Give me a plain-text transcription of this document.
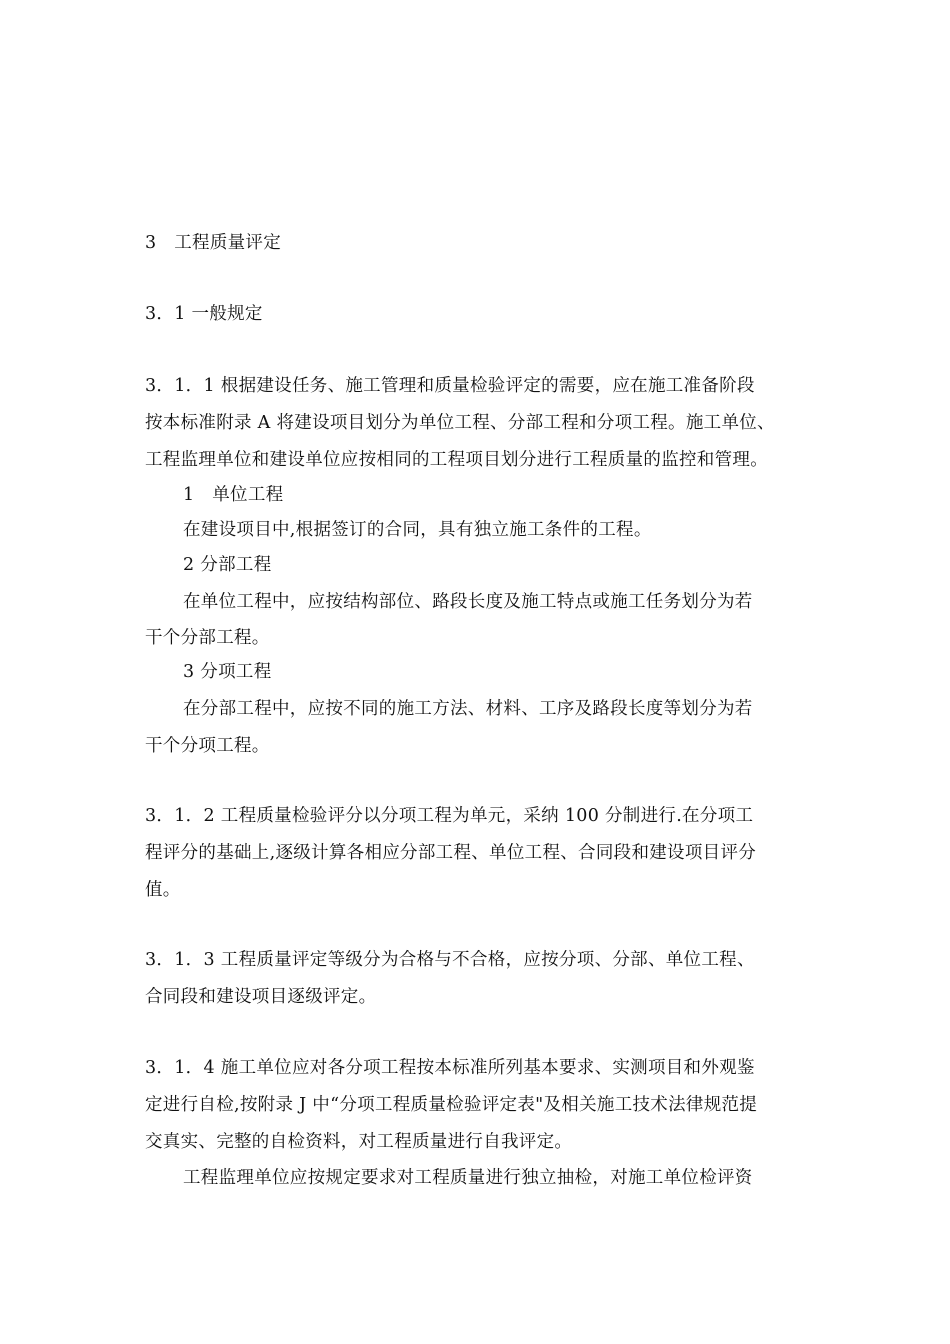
3　工程质量评定
3．1 一般规定
3．1．1 根据建设任务、施工管理和质量检验评定的需要，应在施工准备阶段
按本标准附录 A 将建设项目划分为单位工程、分部工程和分项工程。施工单位、
工程监理单位和建设单位应按相同的工程项目划分进行工程质量的监控和管理。
1　单位工程
在建设项目中,根据签订的合同，具有独立施工条件的工程。
2 分部工程
在单位工程中，应按结构部位、路段长度及施工特点或施工任务划分为若
干个分部工程。
3 分项工程
在分部工程中，应按不同的施工方法、材料、工序及路段长度等划分为若
干个分项工程。
3．1．2 工程质量检验评分以分项工程为单元，采纳 100 分制进行.在分项工
程评分的基础上,逐级计算各相应分部工程、单位工程、合同段和建设项目评分
值。
3．1．3 工程质量评定等级分为合格与不合格，应按分项、分部、单位工程、
合同段和建设项目逐级评定。
3．1．4 施工单位应对各分项工程按本标准所列基本要求、实测项目和外观鉴
定进行自检,按附录 J 中“分项工程质量检验评定表"及相关施工技术法律规范提
交真实、完整的自检资料，对工程质量进行自我评定。
工程监理单位应按规定要求对工程质量进行独立抽检，对施工单位检评资
